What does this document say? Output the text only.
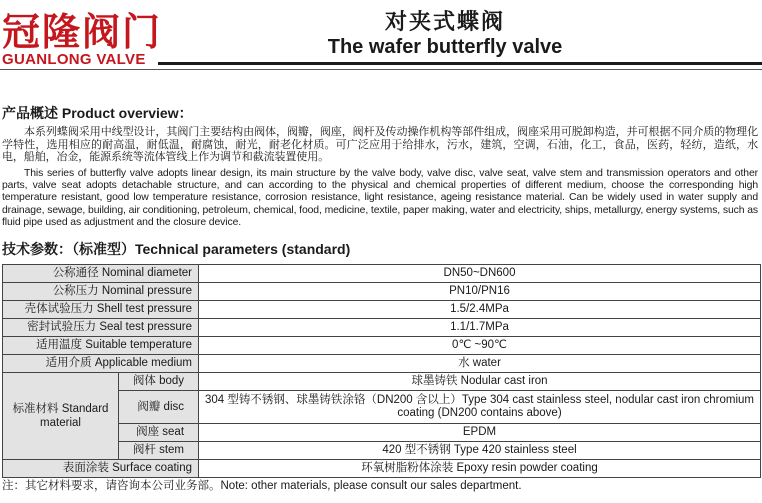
冠隆阀门
GUANLONG VALVE
对夹式蝶阀
The wafer butterfly valve
产品概述 Product overview：
本系列蝶阀采用中线型设计，其阀门主要结构由阀体，阀瓣，阀座，阀杆及传动操作机构等部件组成，阀座采用可脱卸构造，并可根据不同介质的物理化学特性，选用相应的耐高温，耐低温，耐腐蚀，耐光，耐老化材质。可广泛应用于给排水，污水，建筑，空调，石油，化工，食品，医药，轻纺，造纸，水电，船舶，冶金，能源系统等流体管线上作为调节和截流装置使用。
This series of butterfly valve adopts linear design, its main structure by the valve body, valve disc, valve seat, valve stem and transmission operators and other parts, valve seat adopts detachable structure, and can according to the physical and chemical properties of different medium, choose the corresponding high temperature resistant, good low temperature resistance, corrosion resistance, light resistance, ageing resistance material. Can be widely used in water supply and drainage, sewage, building, air conditioning, petroleum, chemical, food, medicine, textile, paper making, water and electricity, ships, metallurgy, energy systems, such as fluid pipe used as adjustment and the closure device.
技术参数：（标准型）Technical parameters (standard)
公称通径 Nominal diameter		DN50~DN600
公称压力 Nominal pressure		PN10/PN16
壳体试验压力 Shell test pressure		1.5/2.4MPa
密封试验压力 Seal test pressure		1.1/1.7MPa
适用温度 Suitable temperature		0℃ ~90℃
适用介质 Applicable medium		水 water
标准材料 Standard material	阀体 body	球墨铸铁 Nodular cast iron
	阀瓣 disc	304 型铸不锈钢、球墨铸铁涂铬（DN200 含以上）Type 304 cast stainless steel, nodular cast iron chromium coating (DN200 contains above)
	阀座 seat	EPDM
	阀杆 stem	420 型不锈钢 Type 420 stainless steel
表面涂装 Surface coating		环氧树脂粉体涂装 Epoxy resin powder coating
注：其它材料要求，请咨询本公司业务部。Note: other materials, please consult our sales department.
